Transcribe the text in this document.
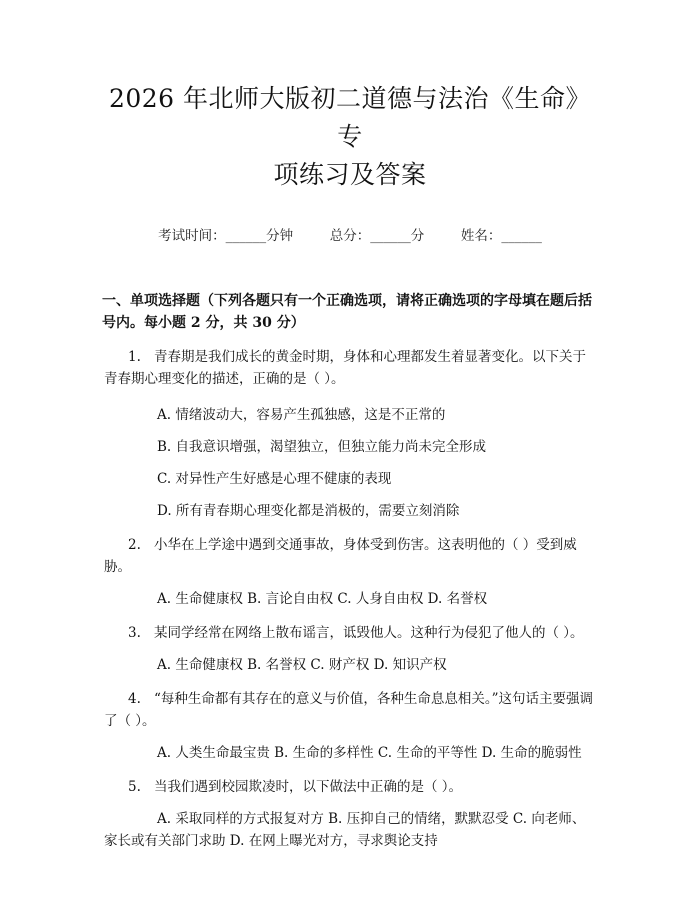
2026 年北师大版初二道德与法治《生命》专
项练习及答案
考试时间：______分钟	总分：______分	姓名：______
一、单项选择题（下列各题只有一个正确选项，请将正确选项的字母填在题后括号内。每小题 2 分，共 30 分）
1. 青春期是我们成长的黄金时期，身体和心理都发生着显著变化。以下关于青春期心理变化的描述，正确的是（ ）。
A. 情绪波动大，容易产生孤独感，这是不正常的
B. 自我意识增强，渴望独立，但独立能力尚未完全形成
C. 对异性产生好感是心理不健康的表现
D. 所有青春期心理变化都是消极的，需要立刻消除
2. 小华在上学途中遇到交通事故，身体受到伤害。这表明他的（ ）受到威胁。
A. 生命健康权 B. 言论自由权 C. 人身自由权 D. 名誉权
3. 某同学经常在网络上散布谣言，诋毁他人。这种行为侵犯了他人的（ ）。
A. 生命健康权 B. 名誉权 C. 财产权 D. 知识产权
4. “每种生命都有其存在的意义与价值，各种生命息息相关。”这句话主要强调了（ ）。
A. 人类生命最宝贵 B. 生命的多样性 C. 生命的平等性 D. 生命的脆弱性
5. 当我们遇到校园欺凌时，以下做法中正确的是（ ）。
A. 采取同样的方式报复对方 B. 压抑自己的情绪，默默忍受 C. 向老师、家长或有关部门求助 D. 在网上曝光对方，寻求舆论支持
